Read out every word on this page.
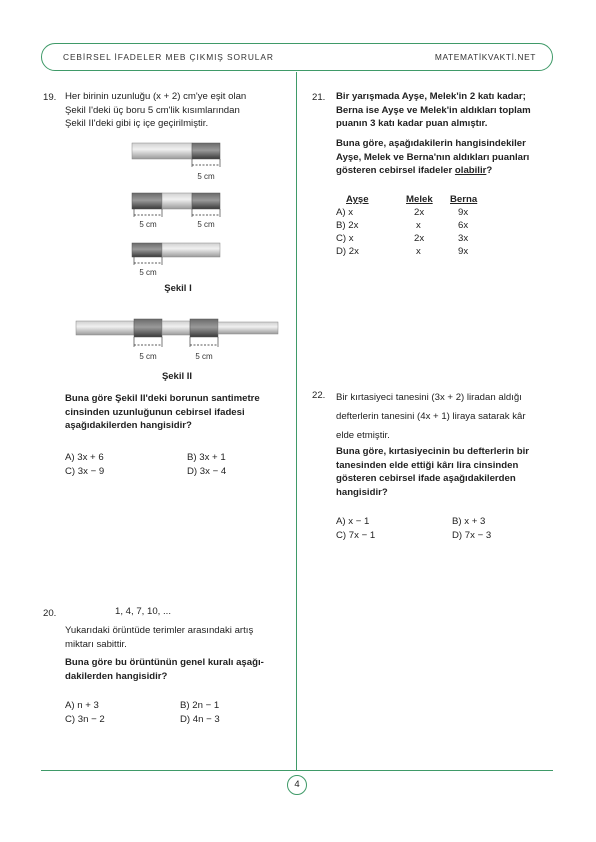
CEBİRSEL İFADELER MEB ÇIKMIŞ SORULAR	MATEMATİKVAKTİ.NET
4
19. Her birinin uzunluğu (x + 2) cm'ye eşit olan

Şekil I'deki üç boru 5 cm'lik kısımlarından

Şekil II'deki gibi iç içe geçirilmiştir.

5 cm
5 cm	5 cm
5 cm
Şekil I
5 cm	5 cm
Şekil II

Buna göre Şekil II'deki borunun santimetre

cinsinden uzunluğunun cebirsel ifadesi

aşağıdakilerden hangisidir?

A) 3x + 6	B) 3x + 1
C) 3x − 9	D) 3x − 4
20.	1, 4, 7, 10, ...

Yukarıdaki örüntüde terimler arasındaki artış

miktarı sabittir.

Buna göre bu örüntünün genel kuralı aşağı-

dakilerden hangisidir?

A) n + 3	B) 2n − 1
C) 3n − 2	D) 4n − 3
21. Bir yarışmada Ayşe, Melek'in 2 katı kadar;

Berna ise Ayşe ve Melek'in aldıkları toplam

puanın 3 katı kadar puan almıştır.

Buna göre, aşağıdakilerin hangisindekiler

Ayşe, Melek ve Berna'nın aldıkları puanları

gösteren cebirsel ifadeler olabilir?

Ayşe	Melek	Berna
A) x	2x	9x
B) 2x	x	6x
C) x	2x	3x
D) 2x	x	9x
22. Bir kırtasiyeci tanesini (3x + 2) liradan aldığı

defterlerin tanesini (4x + 1) liraya satarak kâr

elde etmiştir.

Buna göre, kırtasiyecinin bu defterlerin bir

tanesinden elde ettiği kârı lira cinsinden

gösteren cebirsel ifade aşağıdakilerden

hangisidir?

A) x − 1	B) x + 3
C) 7x − 1	D) 7x − 3
